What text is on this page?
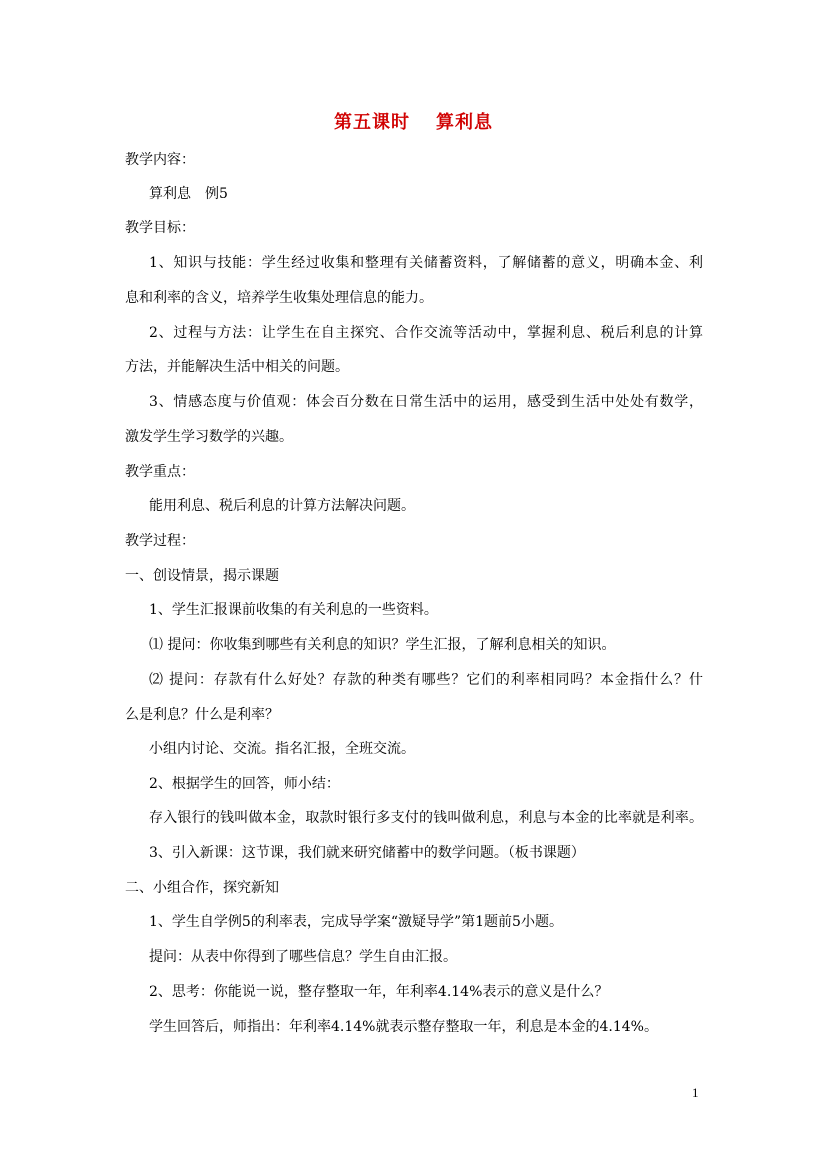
第五课时 算利息
教学内容：
算利息　例5
教学目标：
1、知识与技能：学生经过收集和整理有关储蓄资料，了解储蓄的意义，明确本金、利
息和利率的含义，培养学生收集处理信息的能力。
2、过程与方法：让学生在自主探究、合作交流等活动中，掌握利息、税后利息的计算
方法，并能解决生活中相关的问题。
3、情感态度与价值观：体会百分数在日常生活中的运用，感受到生活中处处有数学，
激发学生学习数学的兴趣。
教学重点：
能用利息、税后利息的计算方法解决问题。
教学过程：
一、创设情景，揭示课题
1、学生汇报课前收集的有关利息的一些资料。
⑴ 提问：你收集到哪些有关利息的知识？学生汇报，了解利息相关的知识。
⑵ 提问：存款有什么好处？存款的种类有哪些？它们的利率相同吗？本金指什么？什
么是利息？什么是利率？
小组内讨论、交流。指名汇报，全班交流。
2、根据学生的回答，师小结：
存入银行的钱叫做本金，取款时银行多支付的钱叫做利息，利息与本金的比率就是利率。
3、引入新课：这节课，我们就来研究储蓄中的数学问题。（板书课题）
二、小组合作，探究新知
1、学生自学例5的利率表，完成导学案“激疑导学”第1题前5小题。
提问：从表中你得到了哪些信息？学生自由汇报。
2、思考：你能说一说，整存整取一年，年利率4.14%表示的意义是什么？
学生回答后，师指出：年利率4.14%就表示整存整取一年，利息是本金的4.14%。
1
